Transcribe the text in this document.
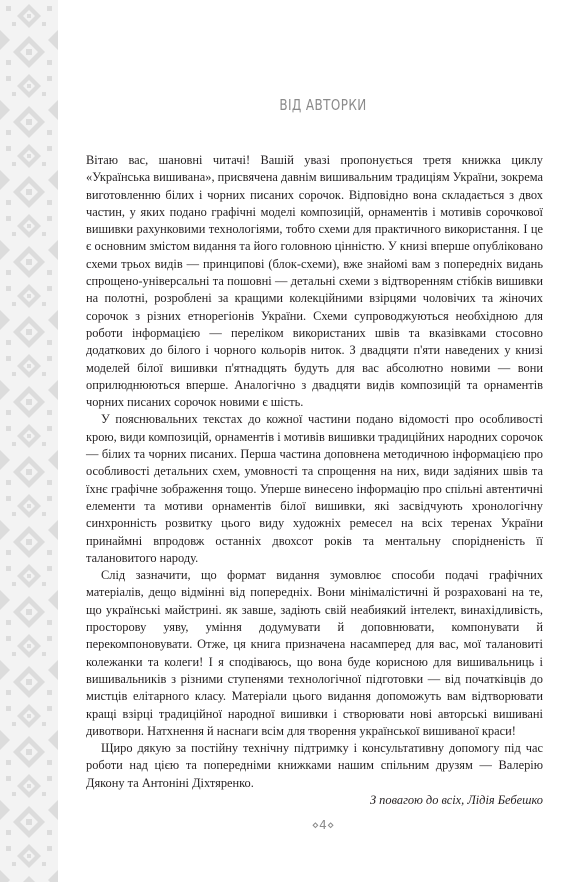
ВІД АВТОРКИ

Вітаю вас, шановні читачі! Вашій увазі пропонується третя книжка циклу «Українська вишивана», присвячена давнім вишивальним традиціям України, зокрема виготовленню білих і чорних писаних сорочок. Відповідно вона складається з двох частин, у яких подано графічні моделі композицій, орнаментів і мотивів сорочкової вишивки рахунковими технологіями, тобто схеми для практичного використання. І це є основним змістом видання та його головною цінністю. У книзі вперше опубліковано схеми трьох видів — принципові (блок-схеми), вже знайомі вам з попередніх видань спрощено-універсальні та пошовні — детальні схеми з відтворенням стібків вишивки на полотні, розроблені за кращими колекційними взірцями чоловічих та жіночих сорочок з різних етнорегіонів України. Схеми супроводжуються необхідною для роботи інформацією — переліком використаних швів та вказівками стосовно додаткових до білого і чорного кольорів ниток. З двадцяти п'яти наведених у книзі моделей білої вишивки п'ятнадцять будуть для вас абсолютно новими — вони оприлюднюються вперше. Аналогічно з двадцяти видів композицій та орнаментів чорних писаних сорочок новими є шість.

У пояснювальних текстах до кожної частини подано відомості про особливості крою, види композицій, орнаментів і мотивів вишивки традиційних народних сорочок — білих та чорних писаних. Перша частина доповнена методичною інформацією про особливості детальних схем, умовності та спрощення на них, види задіяних швів та їхнє графічне зображення тощо. Уперше винесено інформацію про спільні автентичні елементи та мотиви орнаментів білої вишивки, які засвідчують хронологічну синхронність розвитку цього виду художніх ремесел на всіх теренах України принаймні впродовж останніх двохсот років та ментальну спорідненість її талановитого народу.

Слід зазначити, що формат видання зумовлює способи подачі графічних матеріалів, дещо відмінні від попередніх. Вони мінімалістичні й розраховані на те, що українські майстрині. як завше, задіють свій неабиякий інтелект, винахідливість, просторову уяву, уміння додумувати й доповнювати, компонувати й перекомпоновувати. Отже, ця книга призначена насамперед для вас, мої талановиті колежанки та колеги! І я сподіваюсь, що вона буде корисною для вишивальниць і вишивальників з різними ступенями технологічної підготовки — від початківців до мистців елітарного класу. Матеріали цього видання допоможуть вам відтворювати кращі взірці традиційної народної вишивки і створювати нові авторські вишивані дивотвори. Натхнення й наснаги всім для творення української вишиваної краси!

Щиро дякую за постійну технічну підтримку і консультативну допомогу під час роботи над цією та попередніми книжками нашим спільним друзям — Валерію Дякону та Антоніні Діхтяренко.

З повагою до всіх, Лідія Бебешко
⋄4⋄
